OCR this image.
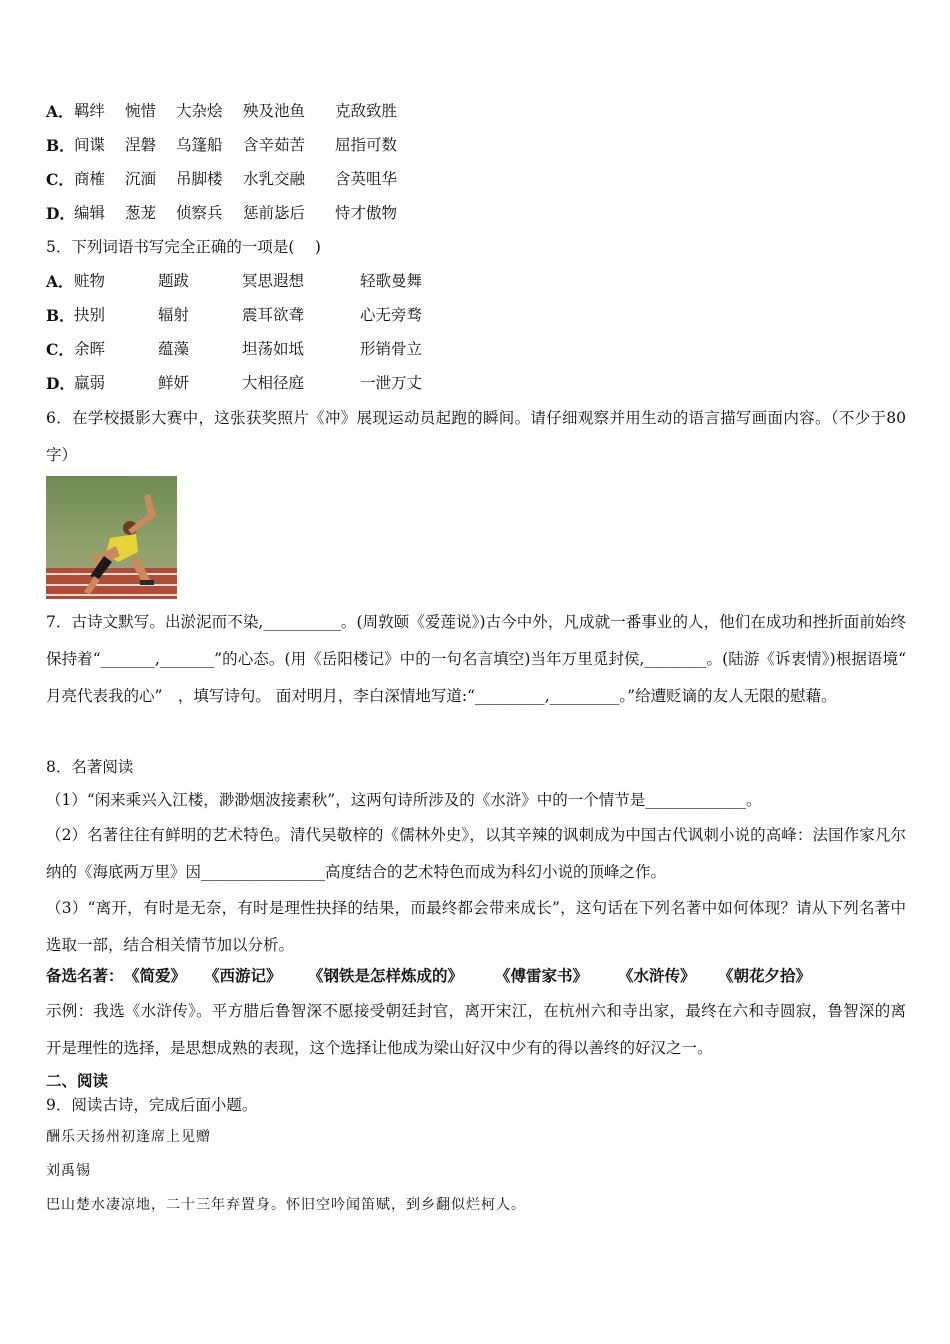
A． 羁绊 惋惜 大杂烩 殃及池鱼 克敌致胜
B． 间谍 涅磐 乌篷船 含辛茹苦 屈指可数
C． 商榷 沉湎 吊脚楼 水乳交融 含英咀华
D． 编辑 葱茏 侦察兵 惩前毖后 恃才傲物
5．下列词语书写完全正确的一项是(　 )
A． 赃物	题跋	冥思遐想	轻歌曼舞
B． 抉别	辐射	震耳欲聋	心无旁骛
C． 余晖	蕴藻	坦荡如坻	形销骨立
D． 羸弱	鲜妍	大相径庭	一泄万丈
6．在学校摄影大赛中，这张获奖照片《冲》展现运动员起跑的瞬间。请仔细观察并用生动的语言描写画面内容。（不少于80字）
7．古诗文默写。出淤泥而不染,__________。(周敦颐《爱莲说》)古今中外，凡成就一番事业的人，他们在成功和挫折面前始终保持着“_______,_______”的心态。(用《岳阳楼记》中的一句名言填空)当年万里觅封侯,________。(陆游《诉衷情》)根据语境“ 月亮代表我的心”　，填写诗句。 面对明月，李白深情地写道:“_________,_________。”给遭贬谪的友人无限的慰藉。
8．名著阅读
（1）“闲来乘兴入江楼，渺渺烟波接素秋”，这两句诗所涉及的《水浒》中的一个情节是_____________。
（2）名著往往有鲜明的艺术特色。清代吴敬梓的《儒林外史》，以其辛辣的讽刺成为中国古代讽刺小说的高峰：法国作家凡尔纳的《海底两万里》因________________高度结合的艺术特色而成为科幻小说的顶峰之作。
（3）“离开，有时是无奈，有时是理性抉择的结果，而最终都会带来成长”，这句话在下列名著中如何体现？请从下列名著中选取一部，结合相关情节加以分析。
备选名著： 《简爱》 《西游记》 《钢铁是怎样炼成的》 《傅雷家书》 《水浒传》 《朝花夕拾》
示例：我选《水浒传》。平方腊后鲁智深不愿接受朝廷封官，离开宋江，在杭州六和寺出家，最终在六和寺圆寂，鲁智深的离开是理性的选择，是思想成熟的表现，这个选择让他成为梁山好汉中少有的得以善终的好汉之一。
二、阅读
9．阅读古诗，完成后面小题。
酬乐天扬州初逢席上见赠
刘禹锡
巴山楚水凄凉地，二十三年弃置身。怀旧空吟闻笛赋，到乡翻似烂柯人。
